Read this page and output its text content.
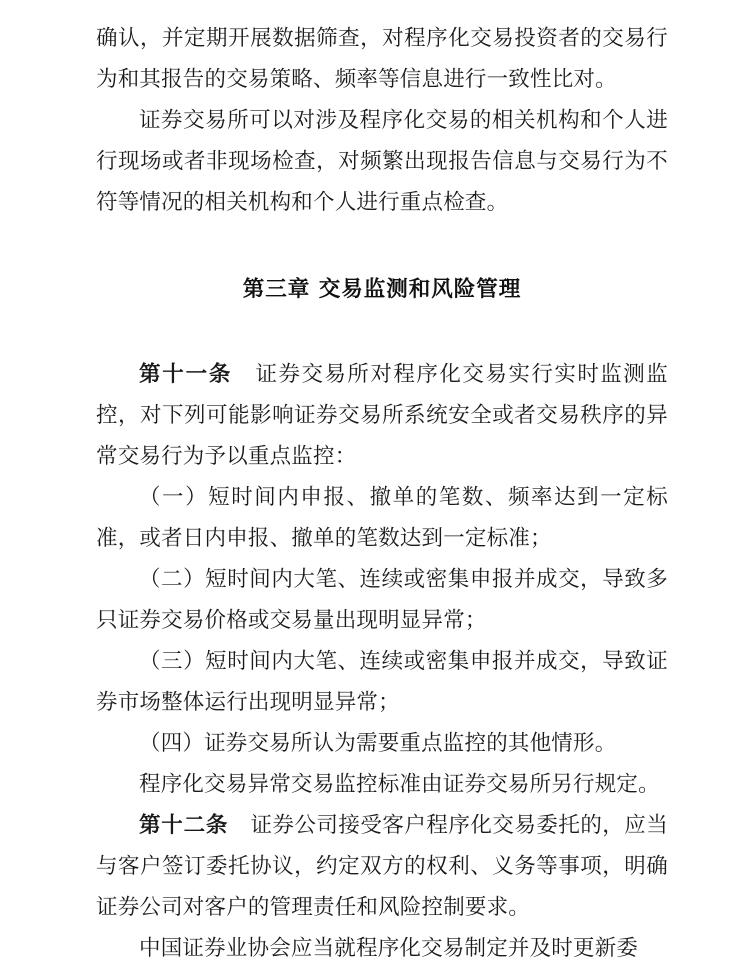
确认，并定期开展数据筛查，对程序化交易投资者的交易行为和其报告的交易策略、频率等信息进行一致性比对。

证券交易所可以对涉及程序化交易的相关机构和个人进行现场或者非现场检查，对频繁出现报告信息与交易行为不符等情况的相关机构和个人进行重点检查。

第三章 交易监测和风险管理

第十一条 证券交易所对程序化交易实行实时监测监控，对下列可能影响证券交易所系统安全或者交易秩序的异常交易行为予以重点监控：

（一）短时间内申报、撤单的笔数、频率达到一定标准，或者日内申报、撤单的笔数达到一定标准；

（二）短时间内大笔、连续或密集申报并成交，导致多只证券交易价格或交易量出现明显异常；

（三）短时间内大笔、连续或密集申报并成交，导致证券市场整体运行出现明显异常；

（四）证券交易所认为需要重点监控的其他情形。

程序化交易异常交易监控标准由证券交易所另行规定。

第十二条 证券公司接受客户程序化交易委托的，应当与客户签订委托协议，约定双方的权利、义务等事项，明确证券公司对客户的管理责任和风险控制要求。

中国证券业协会应当就程序化交易制定并及时更新委
